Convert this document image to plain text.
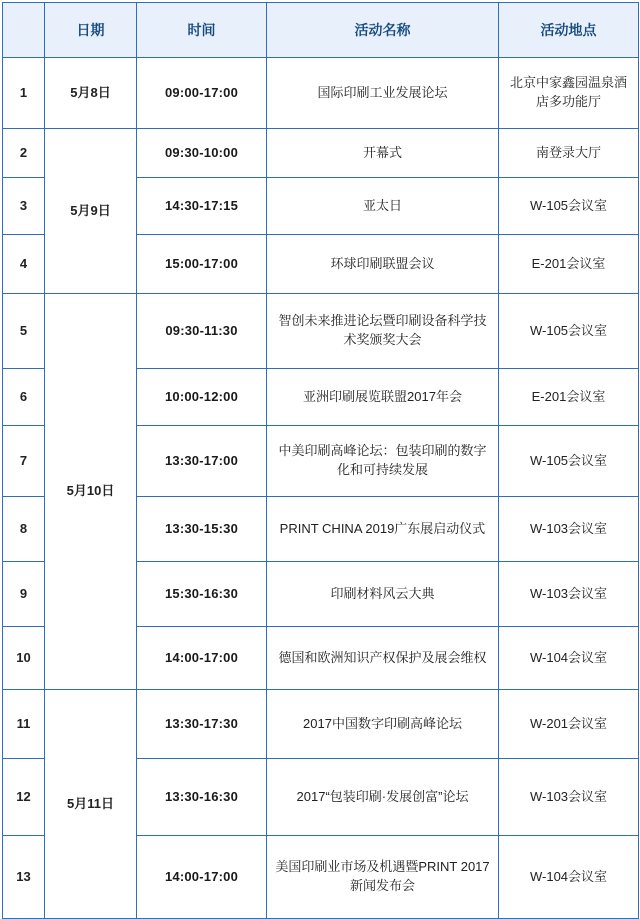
	日期	时间	活动名称	活动地点
1	5月8日	09:00-17:00	国际印刷工业发展论坛	北京中家鑫园温泉酒店多功能厅
2	5月9日	09:30-10:00	开幕式	南登录大厅
3		14:30-17:15	亚太日	W-105会议室
4		15:00-17:00	环球印刷联盟会议	E-201会议室
5	5月10日	09:30-11:30	智创未来推进论坛暨印刷设备科学技术奖颁奖大会	W-105会议室
6		10:00-12:00	亚洲印刷展览联盟2017年会	E-201会议室
7		13:30-17:00	中美印刷高峰论坛：包装印刷的数字化和可持续发展	W-105会议室
8		13:30-15:30	PRINT CHINA 2019广东展启动仪式	W-103会议室
9		15:30-16:30	印刷材料风云大典	W-103会议室
10		14:00-17:00	德国和欧洲知识产权保护及展会维权	W-104会议室
11	5月11日	13:30-17:30	2017中国数字印刷高峰论坛	W-201会议室
12		13:30-16:30	2017“包装印刷·发展创富”论坛	W-103会议室
13		14:00-17:00	美国印刷业市场及机遇暨PRINT 2017 新闻发布会	W-104会议室
